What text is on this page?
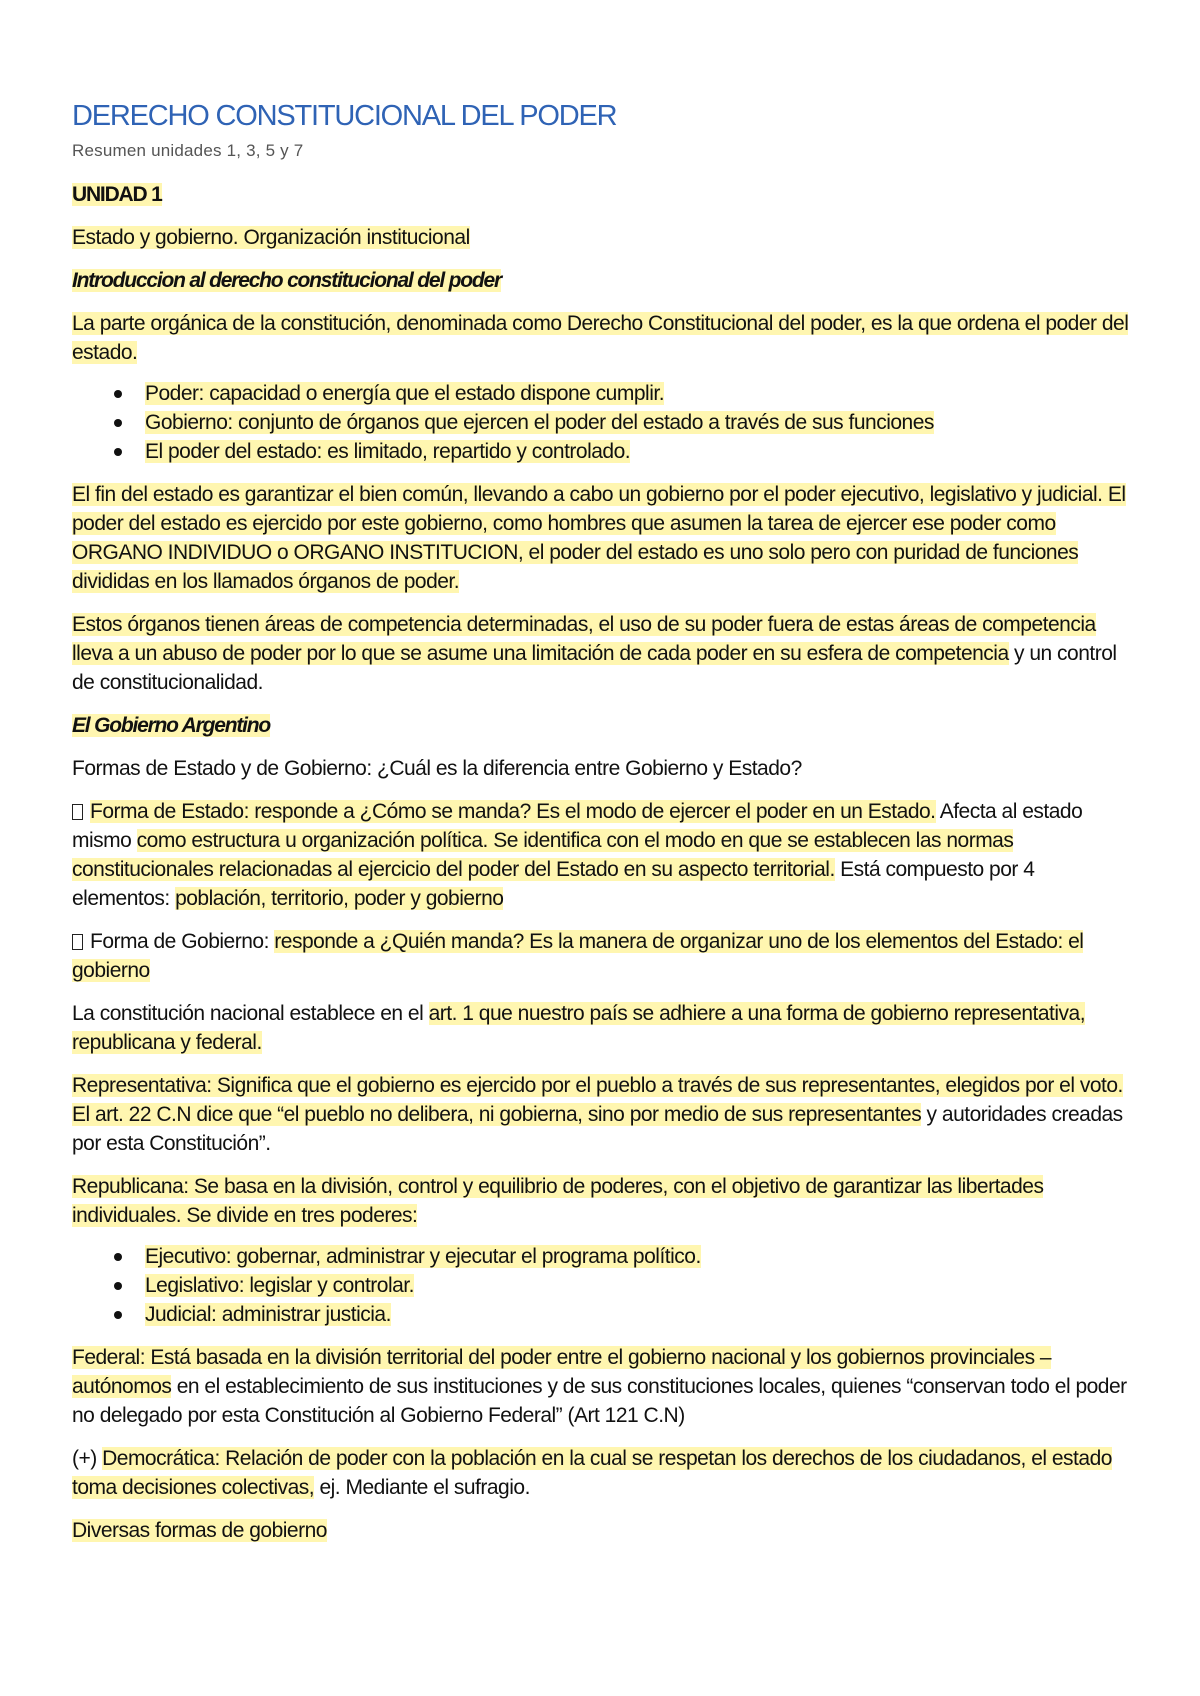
DERECHO CONSTITUCIONAL DEL PODER
Resumen unidades 1, 3, 5 y 7
UNIDAD 1

Estado y gobierno. Organización institucional

Introduccion al derecho constitucional del poder

La parte orgánica de la constitución, denominada como Derecho Constitucional del poder, es la que ordena el poder del estado.

Poder: capacidad o energía que el estado dispone cumplir.
Gobierno: conjunto de órganos que ejercen el poder del estado a través de sus funciones
El poder del estado: es limitado, repartido y controlado.

El fin del estado es garantizar el bien común, llevando a cabo un gobierno por el poder ejecutivo, legislativo y judicial. El poder del estado es ejercido por este gobierno, como hombres que asumen la tarea de ejercer ese poder como ORGANO INDIVIDUO o ORGANO INSTITUCION, el poder del estado es uno solo pero con puridad de funciones divididas en los llamados órganos de poder.

Estos órganos tienen áreas de competencia determinadas, el uso de su poder fuera de estas áreas de competencia lleva a un abuso de poder por lo que se asume una limitación de cada poder en su esfera de competencia y un control de constitucionalidad.

El Gobierno Argentino

Formas de Estado y de Gobierno: ¿Cuál es la diferencia entre Gobierno y Estado?

Forma de Estado: responde a ¿Cómo se manda? Es el modo de ejercer el poder en un Estado. Afecta al estado mismo como estructura u organización política. Se identifica con el modo en que se establecen las normas constitucionales relacionadas al ejercicio del poder del Estado en su aspecto territorial. Está compuesto por 4 elementos: población, territorio, poder y gobierno

Forma de Gobierno: responde a ¿Quién manda? Es la manera de organizar uno de los elementos del Estado: el gobierno

La constitución nacional establece en el art. 1 que nuestro país se adhiere a una forma de gobierno representativa, republicana y federal.

Representativa: Significa que el gobierno es ejercido por el pueblo a través de sus representantes, elegidos por el voto. El art. 22 C.N dice que “el pueblo no delibera, ni gobierna, sino por medio de sus representantes y autoridades creadas por esta Constitución”.

Republicana: Se basa en la división, control y equilibrio de poderes, con el objetivo de garantizar las libertades individuales. Se divide en tres poderes:

Ejecutivo: gobernar, administrar y ejecutar el programa político.
Legislativo: legislar y controlar.
Judicial: administrar justicia.

Federal: Está basada en la división territorial del poder entre el gobierno nacional y los gobiernos provinciales – autónomos en el establecimiento de sus instituciones y de sus constituciones locales, quienes “conservan todo el poder no delegado por esta Constitución al Gobierno Federal” (Art 121 C.N)

(+) Democrática: Relación de poder con la población en la cual se respetan los derechos de los ciudadanos, el estado toma decisiones colectivas, ej. Mediante el sufragio.

Diversas formas de gobierno
